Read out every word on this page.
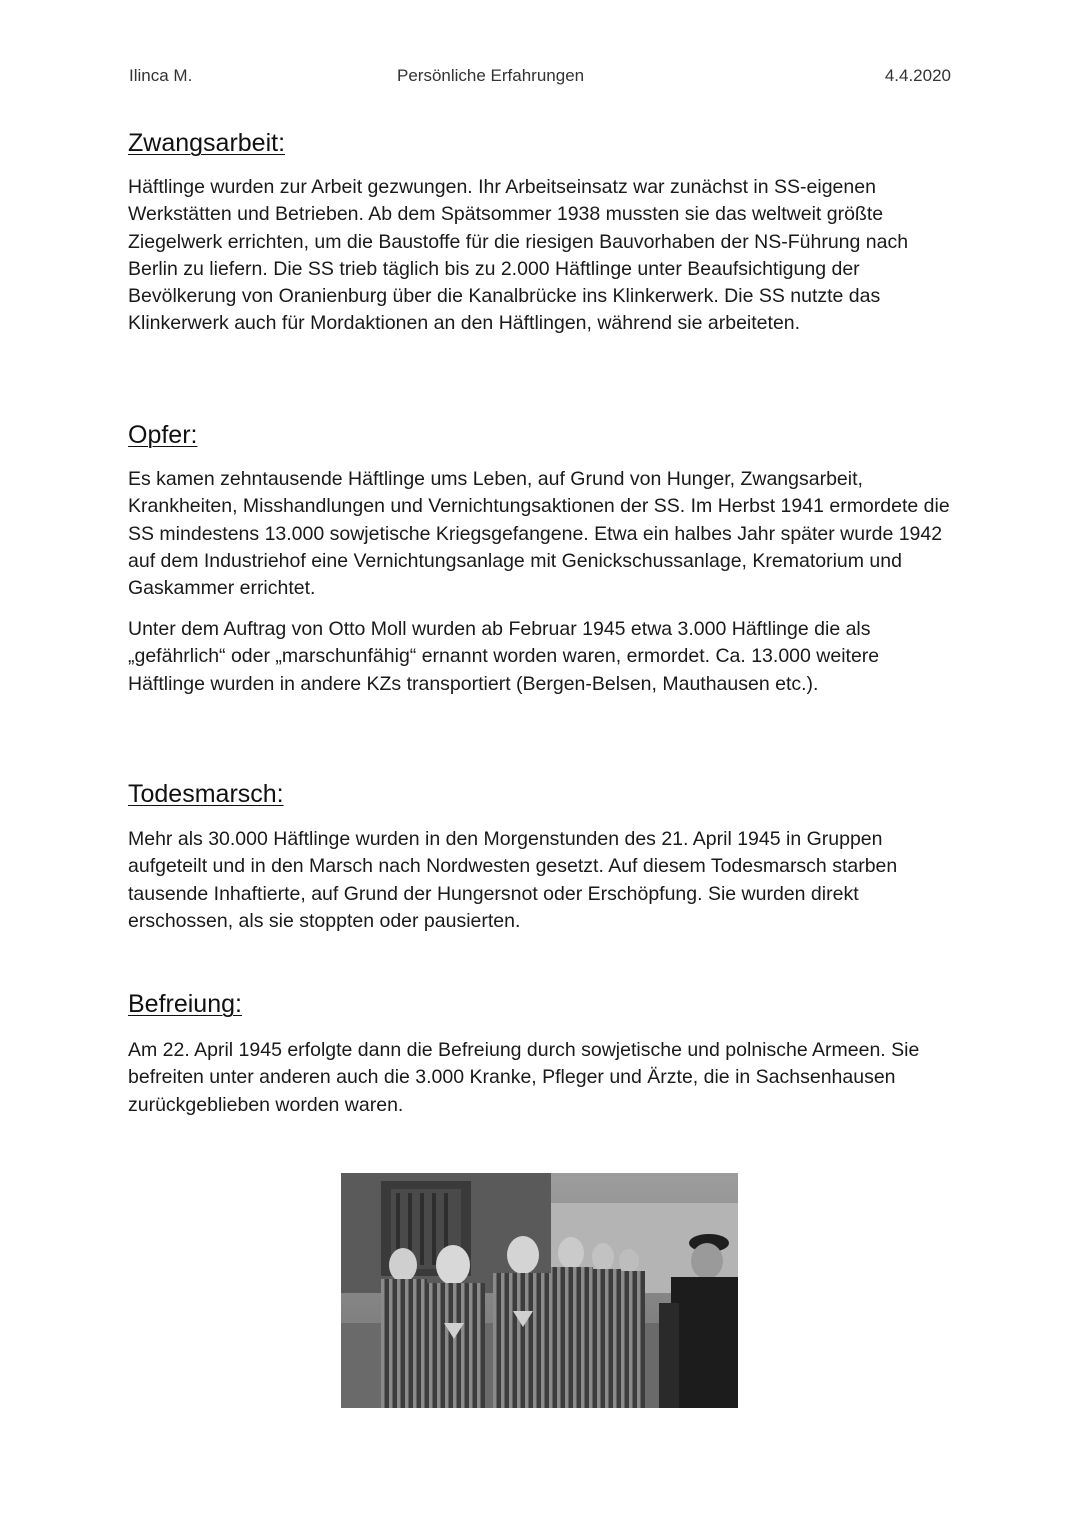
Ilinca M.	Persönliche Erfahrungen	4.4.2020
Zwangsarbeit:

Häftlinge wurden zur Arbeit gezwungen. Ihr Arbeitseinsatz war zunächst in SS-eigenen Werkstätten und Betrieben. Ab dem Spätsommer 1938 mussten sie das weltweit größte Ziegelwerk errichten, um die Baustoffe für die riesigen Bauvorhaben der NS-Führung nach Berlin zu liefern. Die SS trieb täglich bis zu 2.000 Häftlinge unter Beaufsichtigung der Bevölkerung von Oranienburg über die Kanalbrücke ins Klinkerwerk. Die SS nutzte das Klinkerwerk auch für Mordaktionen an den Häftlingen, während sie arbeiteten.

Opfer:

Es kamen zehntausende Häftlinge ums Leben, auf Grund von Hunger, Zwangsarbeit, Krankheiten, Misshandlungen und Vernichtungsaktionen der SS. Im Herbst 1941 ermordete die SS mindestens 13.000 sowjetische Kriegsgefangene. Etwa ein halbes Jahr später wurde 1942 auf dem Industriehof eine Vernichtungsanlage mit Genickschussanlage, Krematorium und Gaskammer errichtet.

Unter dem Auftrag von Otto Moll wurden ab Februar 1945 etwa 3.000 Häftlinge die als „gefährlich“ oder „marschunfähig“ ernannt worden waren, ermordet. Ca. 13.000 weitere Häftlinge wurden in andere KZs transportiert (Bergen-Belsen, Mauthausen etc.).

Todesmarsch:

Mehr als 30.000 Häftlinge wurden in den Morgenstunden des 21. April 1945 in Gruppen aufgeteilt und in den Marsch nach Nordwesten gesetzt. Auf diesem Todesmarsch starben tausende Inhaftierte, auf Grund der Hungersnot oder Erschöpfung. Sie wurden direkt erschossen, als sie stoppten oder pausierten.

Befreiung:

Am 22. April 1945 erfolgte dann die Befreiung durch sowjetische und polnische Armeen. Sie befreiten unter anderen auch die 3.000 Kranke, Pfleger und Ärzte, die in Sachsenhausen zurückgeblieben worden waren.
